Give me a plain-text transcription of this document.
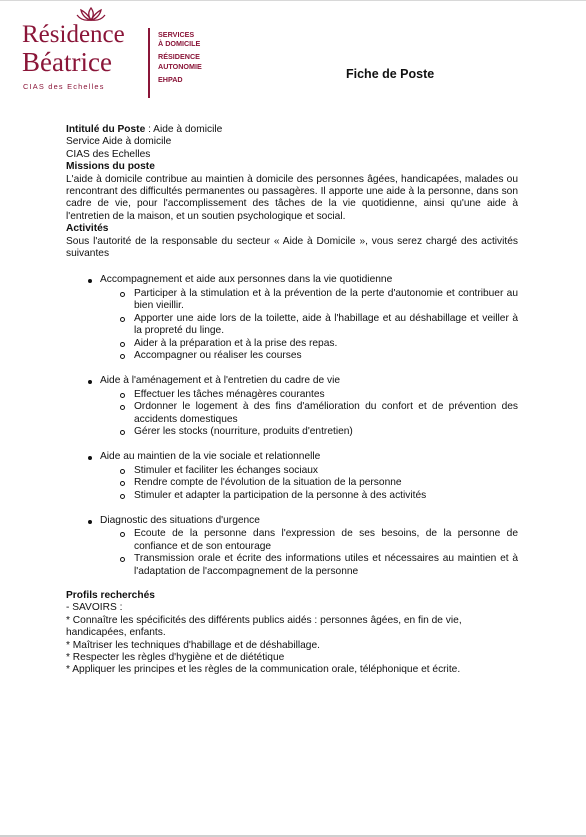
Résidence
Béatrice
CIAS des Echelles
SERVICES
À DOMICILE
RÉSIDENCE
AUTONOMIE
EHPAD	Fiche de Poste

Intitulé du Poste : Aide à domicile

Service Aide à domicile

CIAS des Echelles

Missions du poste

L'aide à domicile contribue au maintien à domicile des personnes âgées, handicapées, malades ou rencontrant des difficultés permanentes ou passagères. Il apporte une aide à la personne, dans son cadre de vie, pour l'accomplissement des tâches de la vie quotidienne, ainsi qu'une aide à l'entretien de la maison, et un soutien psychologique et social.

Activités

Sous l'autorité de la responsable du secteur « Aide à Domicile », vous serez chargé des activités suivantes

Accompagnement et aide aux personnes dans la vie quotidienne
Participer à la stimulation et à la prévention de la perte d'autonomie et contribuer au bien vieillir.
Apporter une aide lors de la toilette, aide à l'habillage et au déshabillage et veiller à la propreté du linge.
Aider à la préparation et à la prise des repas.
Accompagner ou réaliser les courses
Aide à l'aménagement et à l'entretien du cadre de vie
Effectuer les tâches ménagères courantes
Ordonner le logement à des fins d'amélioration du confort et de prévention des accidents domestiques
Gérer les stocks (nourriture, produits d'entretien)
Aide au maintien de la vie sociale et relationnelle
Stimuler et faciliter les échanges sociaux
Rendre compte de l'évolution de la situation de la personne
Stimuler et adapter la participation de la personne à des activités
Diagnostic des situations d'urgence
Ecoute de la personne dans l'expression de ses besoins, de la personne de confiance et de son entourage
Transmission orale et écrite des informations utiles et nécessaires au maintien et à l'adaptation de l'accompagnement de la personne

Profils recherchés

- SAVOIRS :

* Connaître les spécificités des différents publics aidés : personnes âgées, en fin de vie, handicapées, enfants.

* Maîtriser les techniques d'habillage et de déshabillage.

* Respecter les règles d'hygiène et de diététique

* Appliquer les principes et les règles de la communication orale, téléphonique et écrite.
